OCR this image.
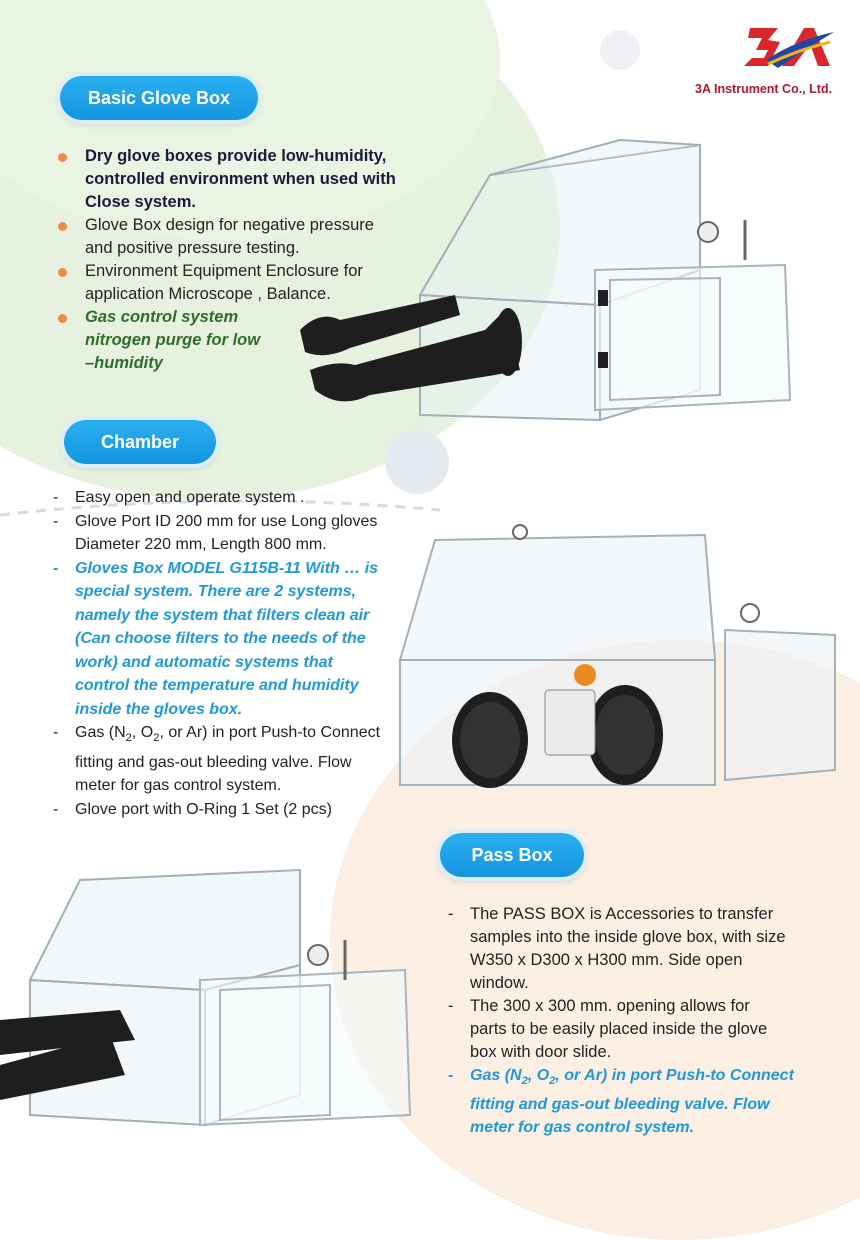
3A Instrument Co., Ltd.
Basic Glove Box
Dry glove boxes provide low-humidity, controlled environment when used with Close system.
Glove Box design for negative pressure and positive pressure testing.
Environment Equipment Enclosure for application Microscope , Balance.
Gas control system nitrogen purge for low –humidity
Chamber
- Easy open and operate system .
- Glove Port ID 200 mm for use Long gloves Diameter 220 mm, Length 800 mm.
- Gloves Box MODEL G115B-11 With … is special system. There are 2 systems, namely the system that filters clean air (Can choose filters to the needs of the work) and automatic systems that control the temperature and humidity inside the gloves box.
- Gas ($N_2$, $O_2$, or Ar) in port Push-to Connect fitting and gas-out bleeding valve. Flow meter for gas control system.
- Glove port with O-Ring 1 Set (2 pcs)
Pass Box
- The PASS BOX is Accessories to transfer samples into the inside glove box, with size W350 x D300 x H300 mm. Side open window.
- The 300 x 300 mm. opening allows for parts to be easily placed inside the glove box with door slide.
- Gas ($N_2$, $O_2$, or Ar) in port Push-to Connect fitting and gas-out bleeding valve. Flow meter for gas control system.
